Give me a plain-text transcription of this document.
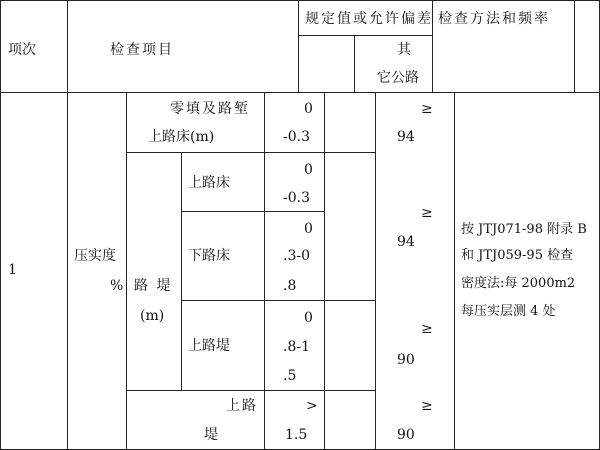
项次	检查项目
规定值或允许偏差 检查方法和频率
其
它公路
1
压实度
% 路 堤
(m)
零填及路堑
上路床(m)
0
-0.3
≥
94
上路床
0
-0.3
下路床
0
.3-0
.8
≥
94
上路堤
0
.8-1
.5
≥
90
上路
堤
>
1.5
≥
90
按 JTJ071-98 附录 B
和 JTJ059-95 检查
密度法:每 2000m2
每压实层测 4 处
